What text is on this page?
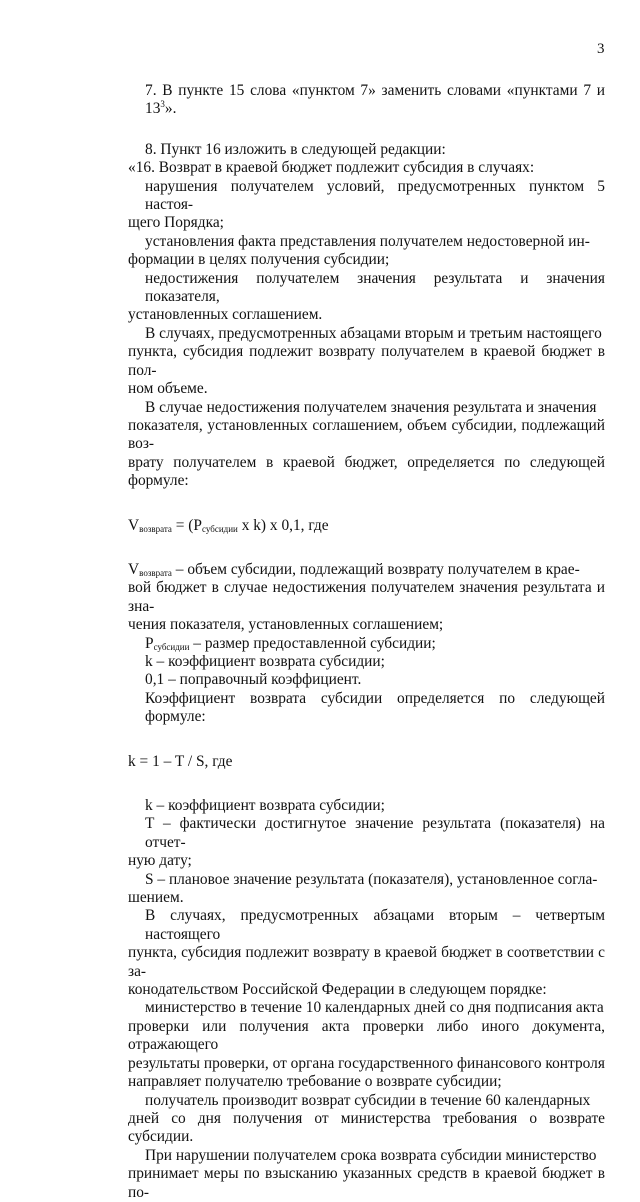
3

7. В пункте 15 слова «пунктом 7» заменить словами «пунктами 7 и $13^3$».

8. Пункт 16 изложить в следующей редакции:

«16. Возврат в краевой бюджет подлежит субсидия в случаях:

нарушения получателем условий, предусмотренных пунктом 5 настоя-

щего Порядка;

установления факта представления получателем недостоверной ин-

формации в целях получения субсидии;

недостижения получателем значения результата и значения показателя,

установленных соглашением.

В случаях, предусмотренных абзацами вторым и третьим настоящего

пункта, субсидия подлежит возврату получателем в краевой бюджет в пол-

ном объеме.

В случае недостижения получателем значения результата и значения

показателя, установленных соглашением, объем субсидии, подлежащий воз-

врату получателем в краевой бюджет, определяется по следующей формуле:

$V_{возврата} = (P_{субсидии}$ x k) x 0,1, где

$V_{возврата}$ – объем субсидии, подлежащий возврату получателем в крае-

вой бюджет в случае недостижения получателем значения результата и зна-

чения показателя, установленных соглашением;

$P_{субсидии}$ – размер предоставленной субсидии;

k – коэффициент возврата субсидии;

0,1 – поправочный коэффициент.

Коэффициент возврата субсидии определяется по следующей формуле:

k = 1 – T / S, где

k – коэффициент возврата субсидии;

T – фактически достигнутое значение результата (показателя) на отчет-

ную дату;

S – плановое значение результата (показателя), установленное согла-

шением.

В случаях, предусмотренных абзацами вторым – четвертым настоящего

пункта, субсидия подлежит возврату в краевой бюджет в соответствии с за-

конодательством Российской Федерации в следующем порядке:

министерство в течение 10 календарных дней со дня подписания акта

проверки или получения акта проверки либо иного документа, отражающего

результаты проверки, от органа государственного финансового контроля

направляет получателю требование о возврате субсидии;

получатель производит возврат субсидии в течение 60 календарных

дней со дня получения от министерства требования о возврате субсидии.

При нарушении получателем срока возврата субсидии министерство

принимает меры по взысканию указанных средств в краевой бюджет в по-
